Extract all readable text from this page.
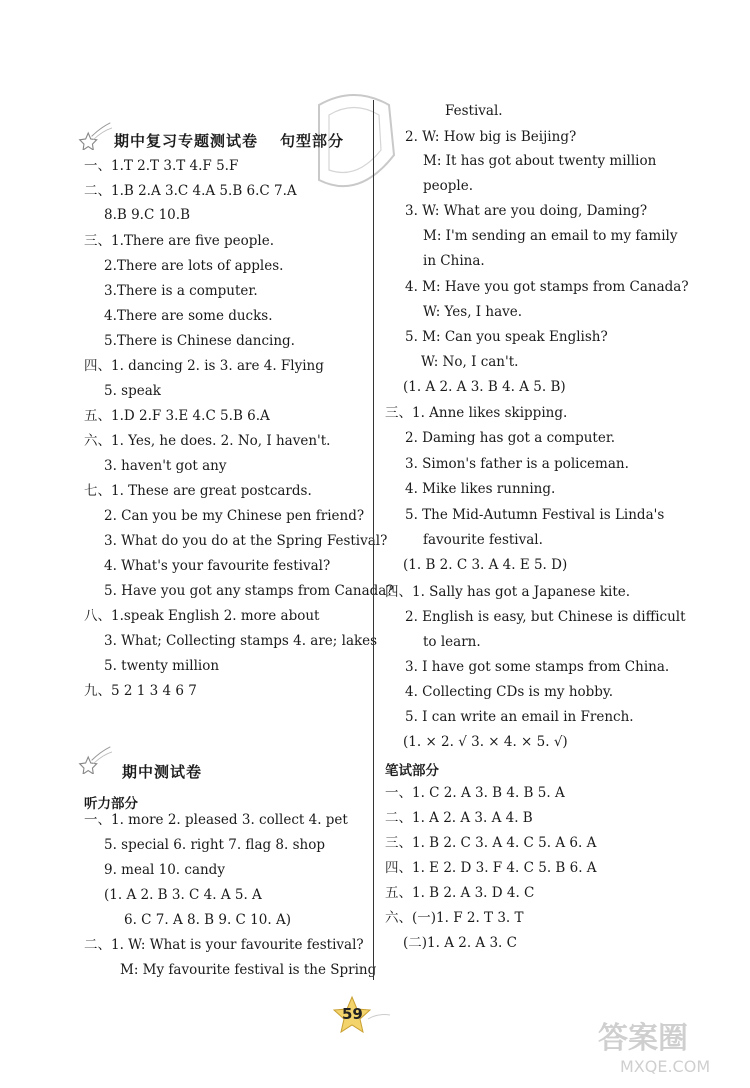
期中复习专题测试卷 句型部分
一、1.T 2.T 3.T 4.F 5.F
二、1.B 2.A 3.C 4.A 5.B 6.C 7.A
8.B 9.C 10.B
三、1.There are five people.
2.There are lots of apples.
3.There is a computer.
4.There are some ducks.
5.There is Chinese dancing.
四、1. dancing 2. is 3. are 4. Flying
5. speak
五、1.D 2.F 3.E 4.C 5.B 6.A
六、1. Yes, he does. 2. No, I haven't.
3. haven't got any
七、1. These are great postcards.
2. Can you be my Chinese pen friend?
3. What do you do at the Spring Festival?
4. What's your favourite festival?
5. Have you got any stamps from Canada?
八、1.speak English 2. more about
3. What; Collecting stamps 4. are; lakes
5. twenty million
九、5 2 1 3 4 6 7
期中测试卷
听力部分
一、1. more 2. pleased 3. collect 4. pet
5. special 6. right 7. flag 8. shop
9. meal 10. candy
(1. A 2. B 3. C 4. A 5. A
6. C 7. A 8. B 9. C 10. A)
二、1. W: What is your favourite festival?
M: My favourite festival is the Spring
Festival.
2. W: How big is Beijing?
M: It has got about twenty million
people.
3. W: What are you doing, Daming?
M: I'm sending an email to my family
in China.
4. M: Have you got stamps from Canada?
W: Yes, I have.
5. M: Can you speak English?
W: No, I can't.
(1. A 2. A 3. B 4. A 5. B)
三、1. Anne likes skipping.
2. Daming has got a computer.
3. Simon's father is a policeman.
4. Mike likes running.
5. The Mid-Autumn Festival is Linda's
favourite festival.
(1. B 2. C 3. A 4. E 5. D)
四、1. Sally has got a Japanese kite.
2. English is easy, but Chinese is difficult
to learn.
3. I have got some stamps from China.
4. Collecting CDs is my hobby.
5. I can write an email in French.
(1. × 2. √ 3. × 4. × 5. √)
笔试部分
一、1. C 2. A 3. B 4. B 5. A
二、1. A 2. A 3. A 4. B
三、1. B 2. C 3. A 4. C 5. A 6. A
四、1. E 2. D 3. F 4. C 5. B 6. A
五、1. B 2. A 3. D 4. C
六、(一)1. F 2. T 3. T
(二)1. A 2. A 3. C
59
答案圈
MXQE.COM
